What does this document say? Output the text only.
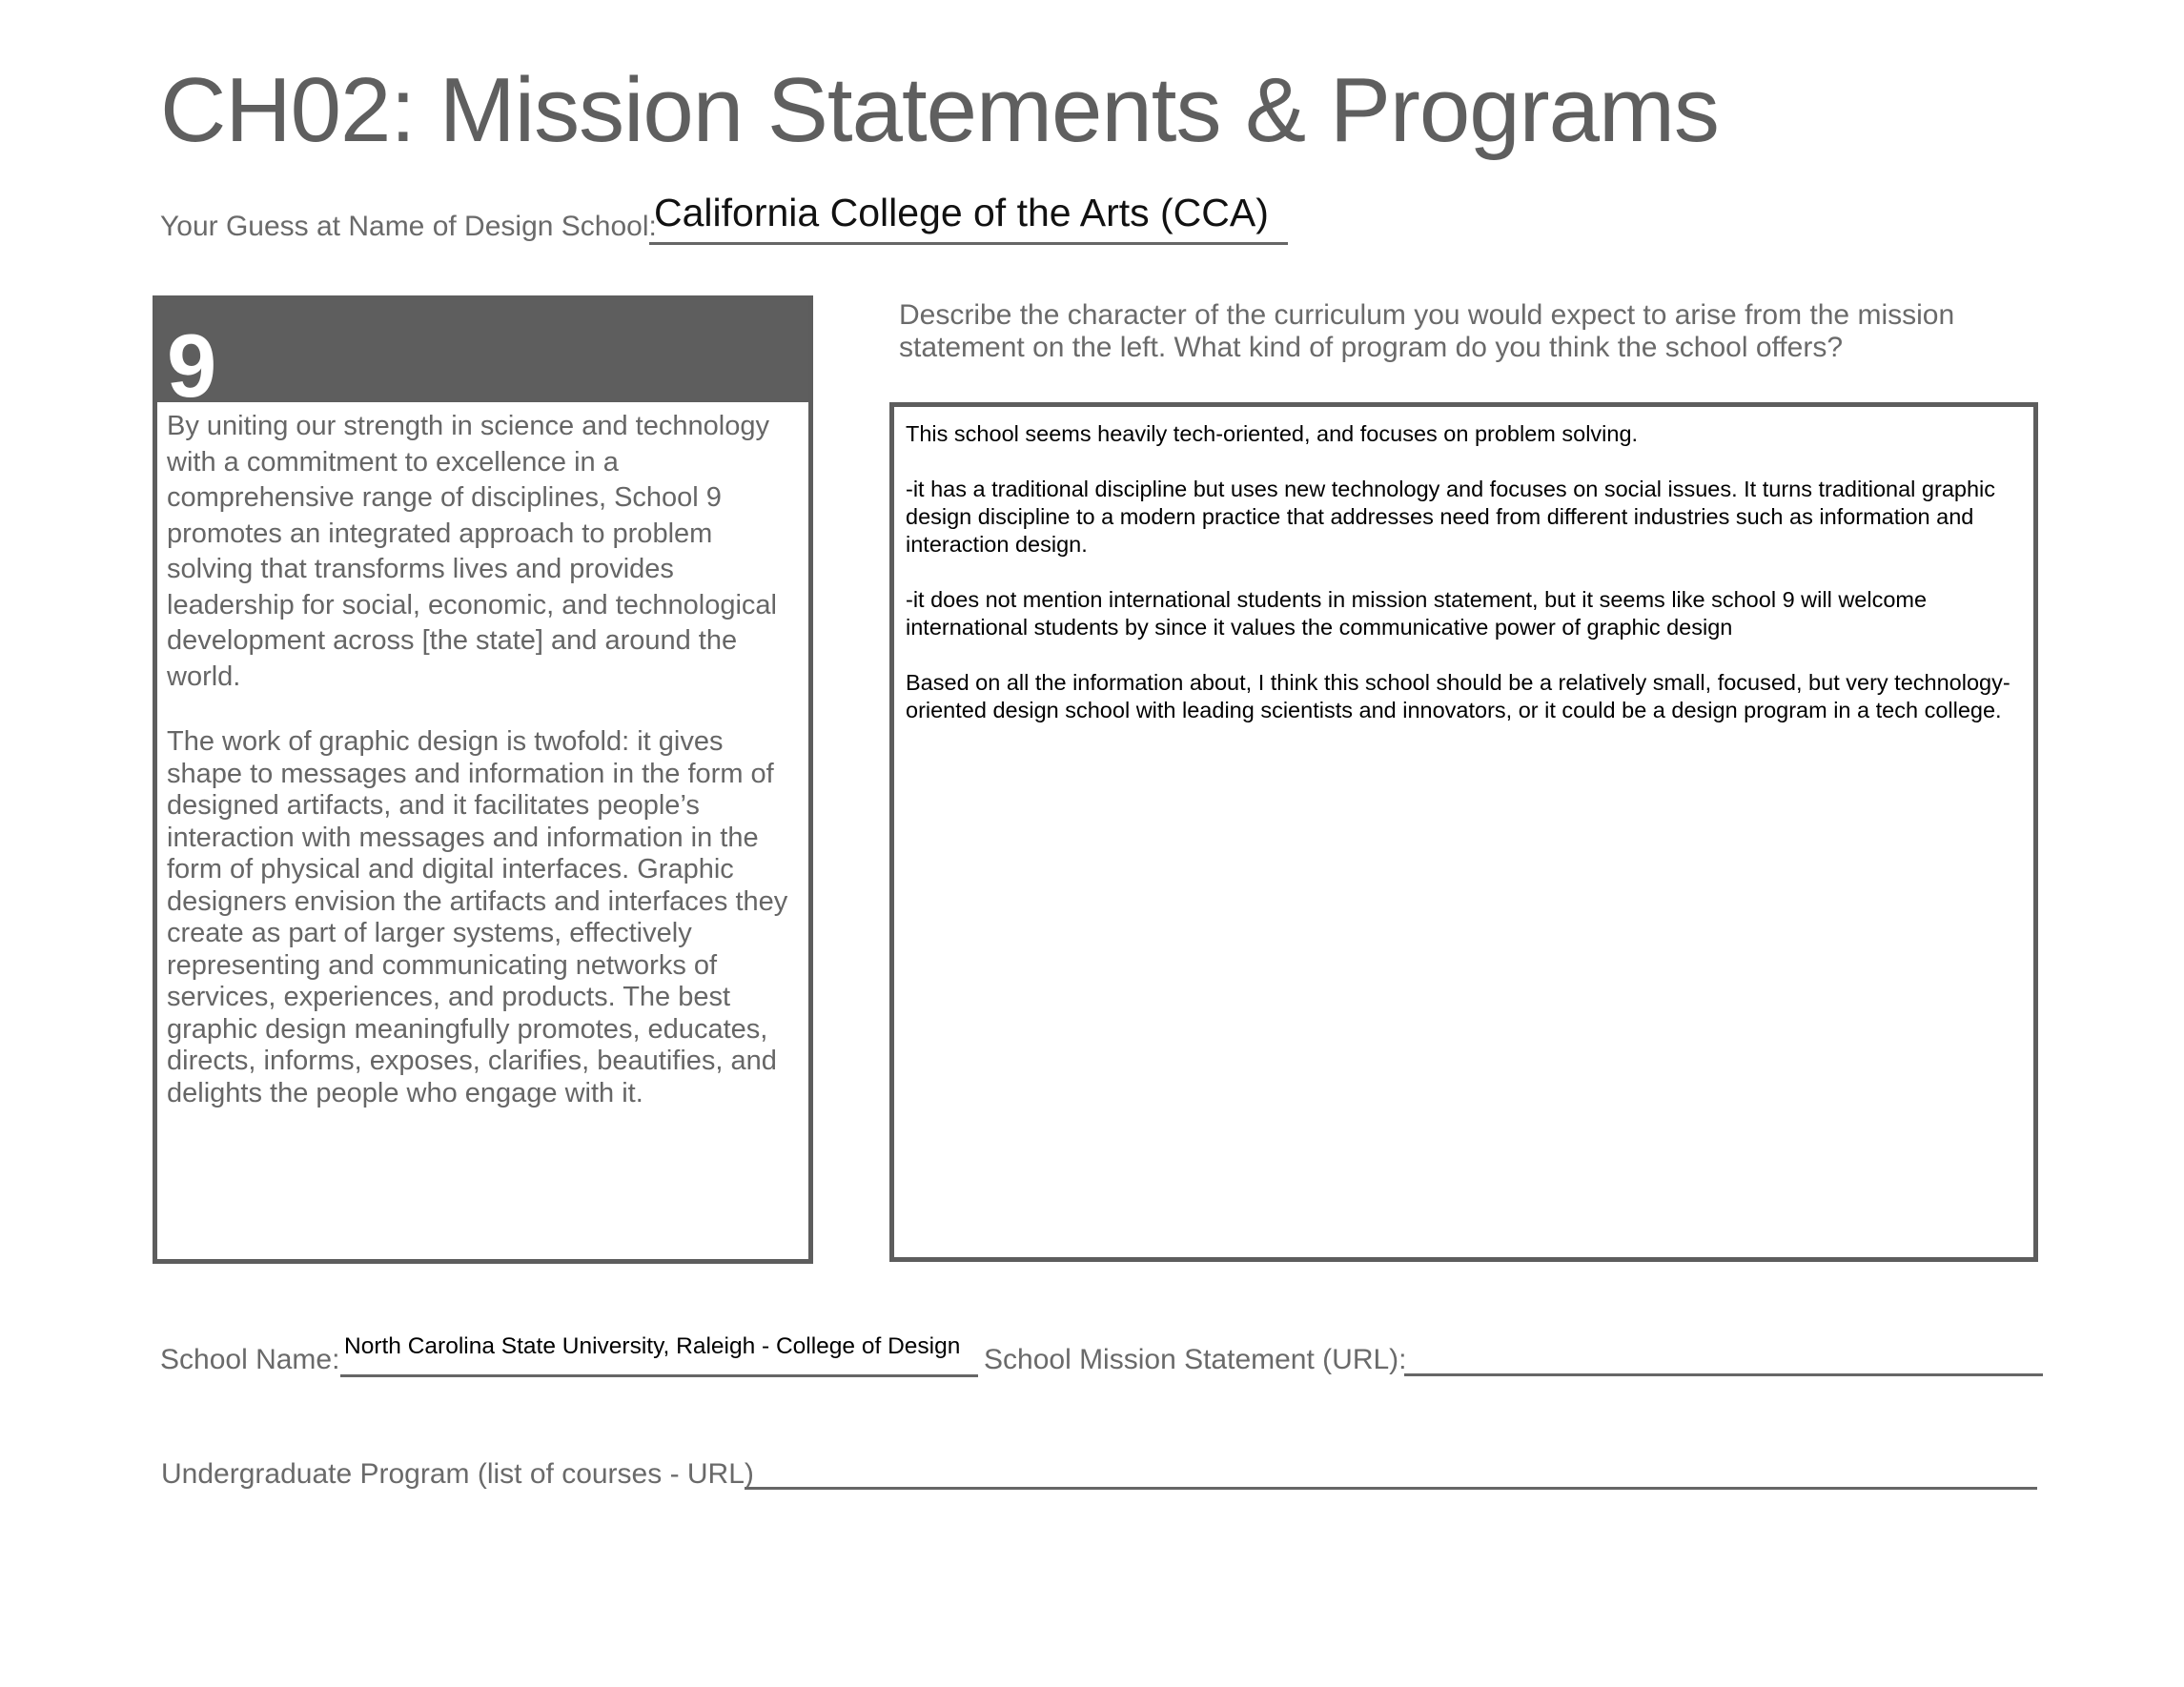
CH02: Mission Statements & Programs
Your Guess at Name of Design School:
California College of the Arts (CCA)
9

By uniting our strength in science and technology with a commitment to excellence in a comprehensive range of disciplines, School 9 promotes an integrated approach to problem solving that transforms lives and provides leadership for social, economic, and technological development across [the state] and around the world.

The work of graphic design is twofold: it gives shape to messages and information in the form of designed artifacts, and it facilitates people’s interaction with messages and information in the form of physical and digital interfaces. Graphic designers envision the artifacts and interfaces they create as part of larger systems, effectively representing and communicating networks of services, experiences, and products. The best graphic design meaningfully promotes, educates, directs, informs, exposes, clarifies, beautifies, and delights the people who engage with it.

Describe the character of the curriculum you would expect to arise from the mission statement on the left. What kind of program do you think the school offers?

This school seems heavily tech-oriented, and focuses on problem solving.

-it has a traditional discipline but uses new technology and focuses on social issues. It turns traditional graphic design discipline to a modern practice that addresses need from different industries such as information and interaction design.

-it does not mention international students in mission statement, but it seems like school 9 will welcome international students by since it values the communicative power of graphic design

Based on all the information about, I think this school should be a relatively small, focused, but very technology-oriented design school with leading scientists and innovators, or it could be a design program in a tech college.

School Name: North Carolina State University, Raleigh - College of Design School Mission Statement (URL):
Undergraduate Program (list of courses - URL)
